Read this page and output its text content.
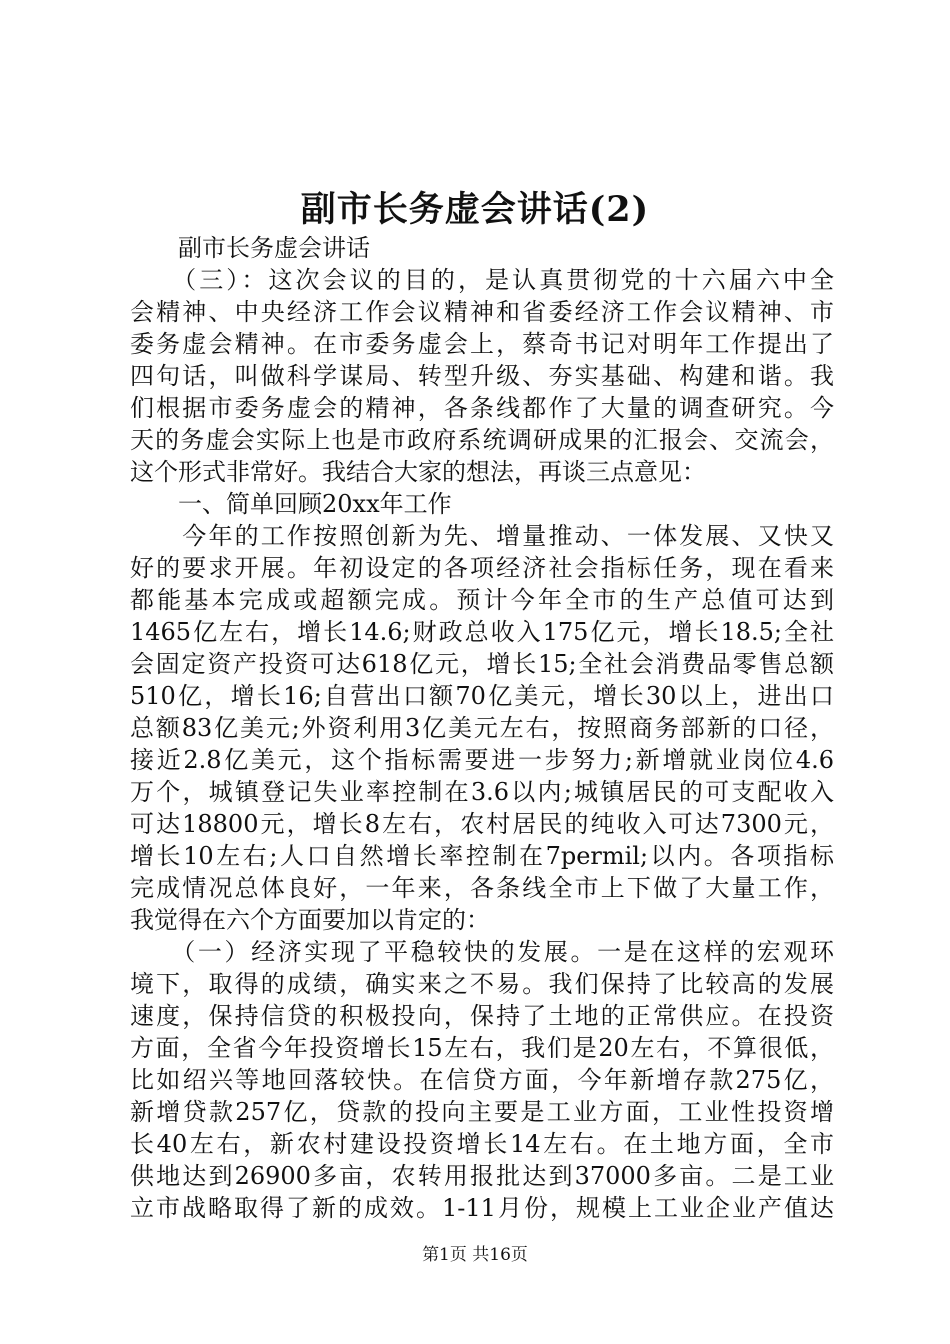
副市长务虚会讲话(2)
　　副市长务虚会讲话
　　（三）：这次会议的目的，是认真贯彻党的十六届六中全
会精神、中央经济工作会议精神和省委经济工作会议精神、市
委务虚会精神。在市委务虚会上，蔡奇书记对明年工作提出了
四句话，叫做科学谋局、转型升级、夯实基础、构建和谐。我
们根据市委务虚会的精神，各条线都作了大量的调查研究。今
天的务虚会实际上也是市政府系统调研成果的汇报会、交流会，
这个形式非常好。我结合大家的想法，再谈三点意见：
　　一、简单回顾20xx年工作
　　今年的工作按照创新为先、增量推动、一体发展、又快又
好的要求开展。年初设定的各项经济社会指标任务，现在看来
都能基本完成或超额完成。预计今年全市的生产总值可达到
1465亿左右，增长14.6;财政总收入175亿元，增长18.5;全社
会固定资产投资可达618亿元，增长15;全社会消费品零售总额
510亿，增长16;自营出口额70亿美元，增长30以上，进出口
总额83亿美元;外资利用3亿美元左右，按照商务部新的口径，
接近2.8亿美元，这个指标需要进一步努力;新增就业岗位4.6
万个，城镇登记失业率控制在3.6以内;城镇居民的可支配收入
可达18800元，增长8左右，农村居民的纯收入可达7300元，
增长10左右;人口自然增长率控制在7permil;以内。各项指标
完成情况总体良好，一年来，各条线全市上下做了大量工作，
我觉得在六个方面要加以肯定的：
　　（一）经济实现了平稳较快的发展。一是在这样的宏观环
境下，取得的成绩，确实来之不易。我们保持了比较高的发展
速度，保持信贷的积极投向，保持了土地的正常供应。在投资
方面，全省今年投资增长15左右，我们是20左右，不算很低，
比如绍兴等地回落较快。在信贷方面，今年新增存款275亿，
新增贷款257亿，贷款的投向主要是工业方面，工业性投资增
长40左右，新农村建设投资增长14左右。在土地方面，全市
供地达到26900多亩，农转用报批达到37000多亩。二是工业
立市战略取得了新的成效。1-11月份，规模上工业企业产值达
第1页 共16页
